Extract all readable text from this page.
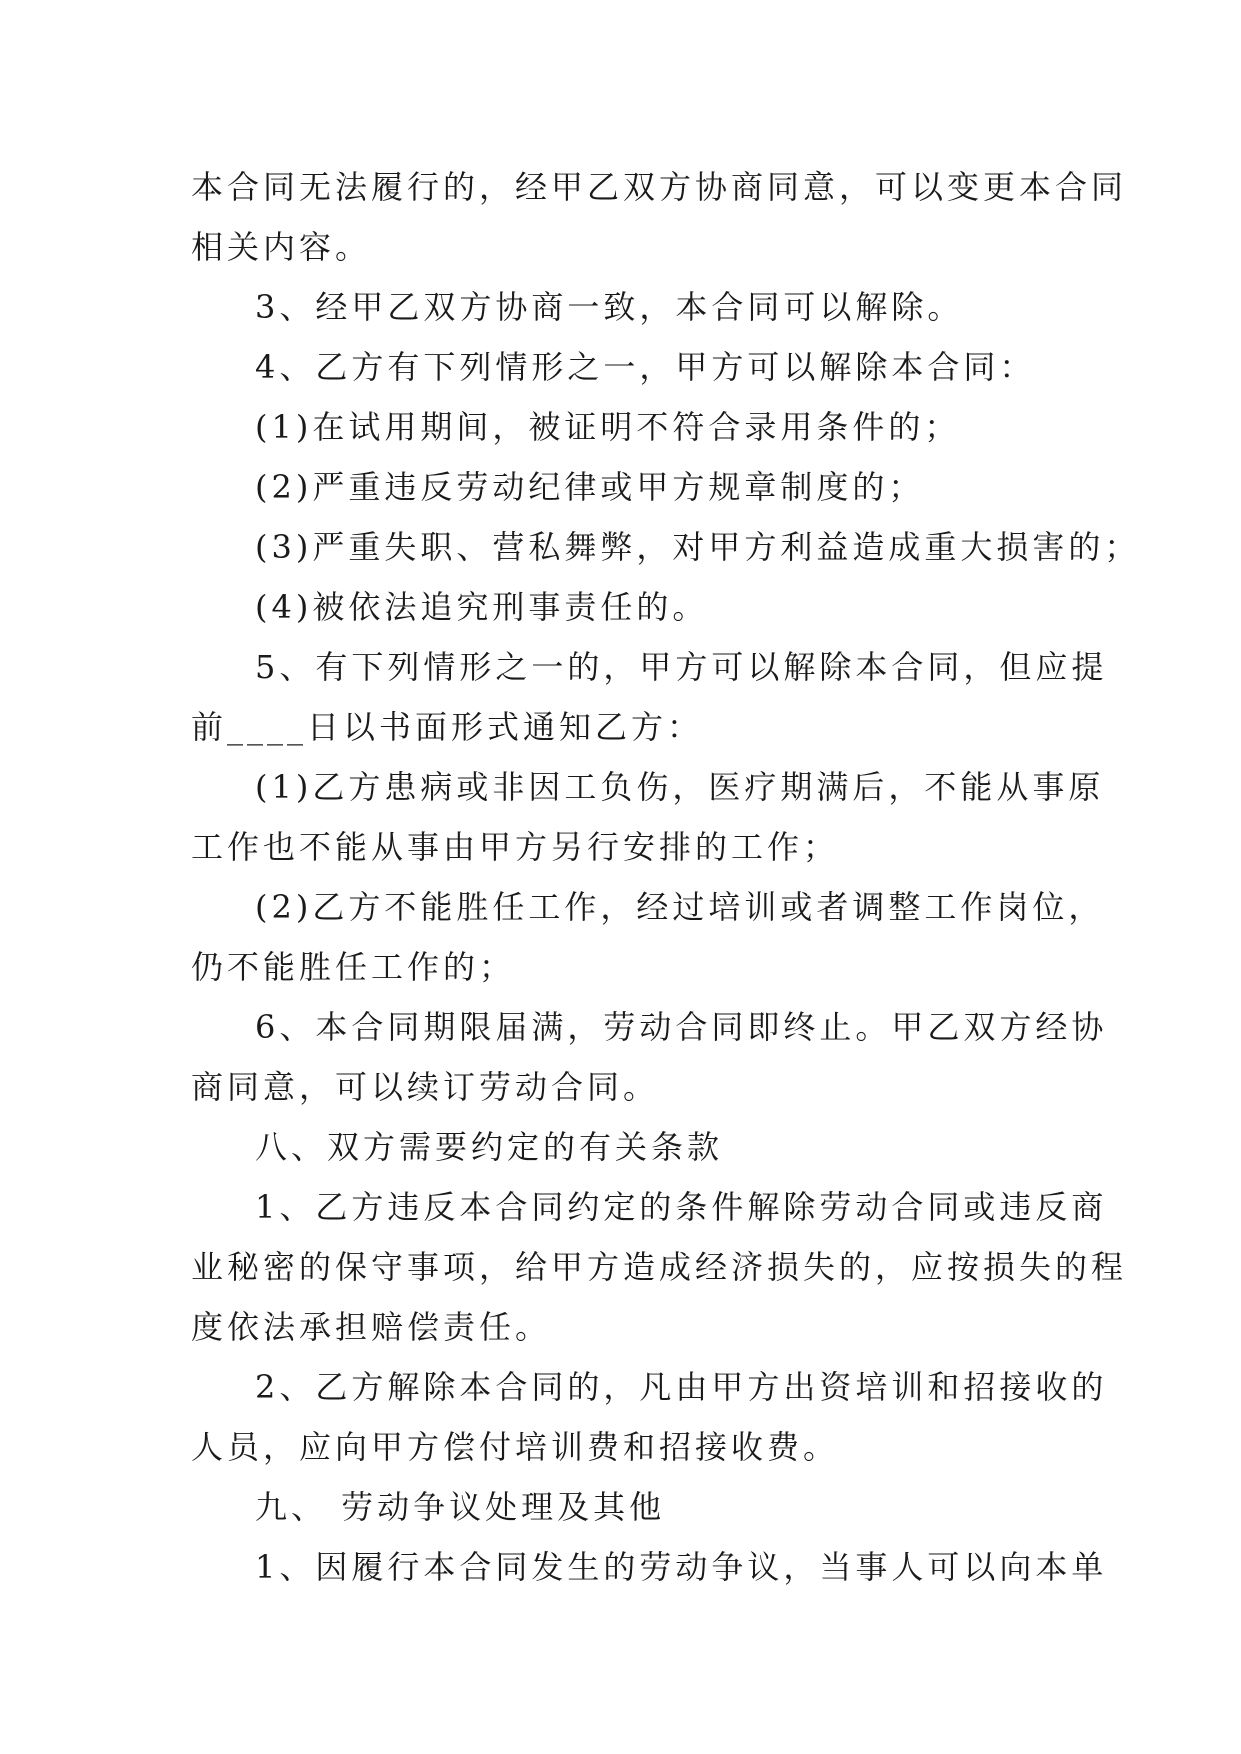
本合同无法履行的，经甲乙双方协商同意，可以变更本合同
相关内容。
3、经甲乙双方协商一致，本合同可以解除。
4、乙方有下列情形之一，甲方可以解除本合同：
(1)在试用期间，被证明不符合录用条件的；
(2)严重违反劳动纪律或甲方规章制度的；
(3)严重失职、营私舞弊，对甲方利益造成重大损害的；
(4)被依法追究刑事责任的。
5、有下列情形之一的，甲方可以解除本合同，但应提
前____日以书面形式通知乙方：
(1)乙方患病或非因工负伤，医疗期满后，不能从事原
工作也不能从事由甲方另行安排的工作；
(2)乙方不能胜任工作，经过培训或者调整工作岗位，
仍不能胜任工作的；
6、本合同期限届满，劳动合同即终止。甲乙双方经协
商同意，可以续订劳动合同。
八、双方需要约定的有关条款
1、乙方违反本合同约定的条件解除劳动合同或违反商
业秘密的保守事项，给甲方造成经济损失的，应按损失的程
度依法承担赔偿责任。
2、乙方解除本合同的，凡由甲方出资培训和招接收的
人员，应向甲方偿付培训费和招接收费。
九、 劳动争议处理及其他
1、因履行本合同发生的劳动争议，当事人可以向本单
